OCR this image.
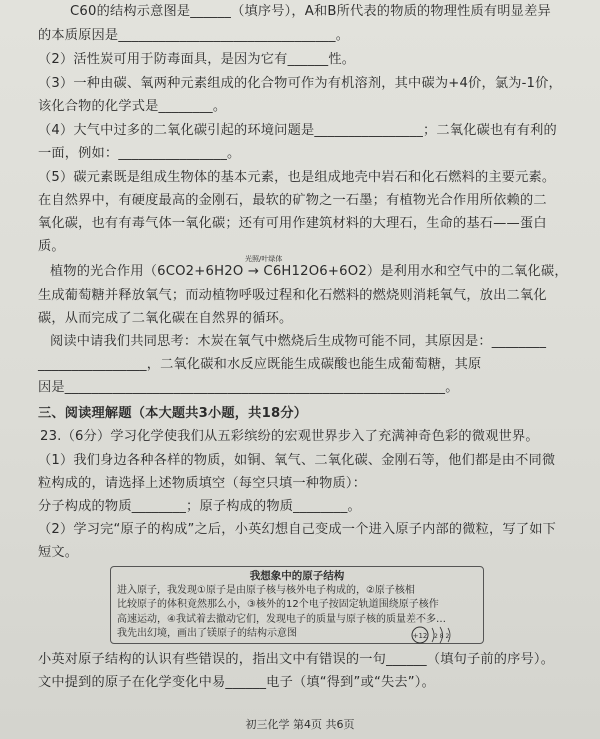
C60的结构示意图是______（填序号），A和B所代表的物质的物理性质有明显差异
的本质原因是________________________________。
（2）活性炭可用于防毒面具，是因为它有______性。
（3）一种由碳、氧两种元素组成的化合物可作为有机溶剂，其中碳为+4价，氯为-1价，
该化合物的化学式是________。
（4）大气中过多的二氧化碳引起的环境问题是________________；二氧化碳也有有利的
一面，例如：________________。
（5）碳元素既是组成生物体的基本元素，也是组成地壳中岩石和化石燃料的主要元素。
在自然界中，有硬度最高的金刚石，最软的矿物之一石墨；有植物光合作用所依赖的二
氧化碳，也有有毒气体一氧化碳；还有可用作建筑材料的大理石，生命的基石——蛋白
质。
植物的光合作用（6CO2+6H2O → C6H12O6+6O2）是利用水和空气中的二氧化碳，
光照/叶绿体
生成葡萄糖并释放氧气；而动植物呼吸过程和化石燃料的燃烧则消耗氧气，放出二氧化
碳，从而完成了二氧化碳在自然界的循环。
阅读中请我们共同思考：木炭在氧气中燃烧后生成物可能不同，其原因是：________
________________，二氧化碳和水反应既能生成碳酸也能生成葡萄糖，其原
因是________________________________________________________。
三、阅读理解题（本大题共3小题，共18分）
23.（6分）学习化学使我们从五彩缤纷的宏观世界步入了充满神奇色彩的微观世界。
（1）我们身边各种各样的物质，如铜、氧气、二氧化碳、金刚石等，他们都是由不同微
粒构成的，请选择上述物质填空（每空只填一种物质）：
分子构成的物质________；原子构成的物质________。
（2）学习完“原子的构成”之后，小英幻想自己变成一个进入原子内部的微粒，写了如下
短文。
我想象中的原子结构
进入原子，我发现①原子是由原子核与核外电子构成的，②原子核相
比较原子的体积竟然那么小，③核外的12个电子按固定轨道围绕原子核作
高速运动，④我试着去撤动它们，发现电子的质量与原子核的质量差不多…
我先出幻境，画出了镁原子的结构示意图	+12 2 8 2
小英对原子结构的认识有些错误的，指出文中有错误的一句______（填句子前的序号）。
文中提到的原子在化学变化中易______电子（填“得到”或“失去”）。
初三化学 第4页 共6页
